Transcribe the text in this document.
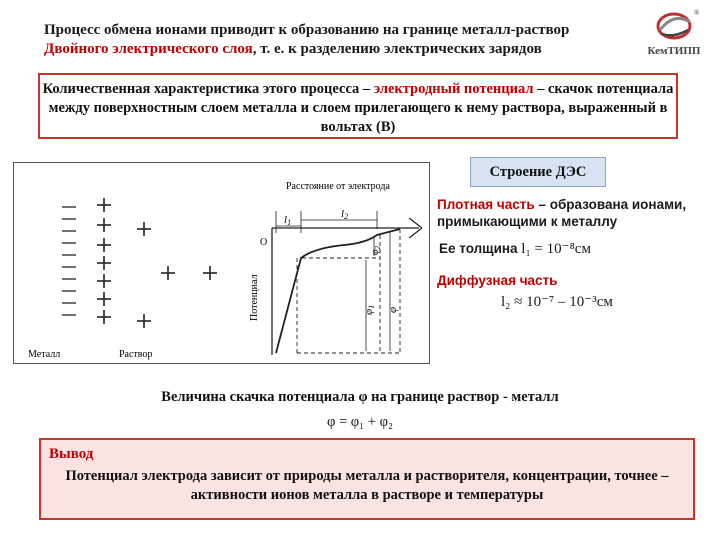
Процесс обмена ионами приводит к образованию на границе металл-раствор
Двойного электрического слоя, т. е. к разделению электрических зарядов
®
КемТИПП
Количественная характеристика этого процесса – электродный потенциал – скачок потенциала между поверхностным слоем металла и слоем прилегающего к нему раствора, выраженный в вольтах (В)
Металл	Раствор
Расстояние от электрода
O
Потенциал
l1
l2
φ1
$\varphi_2$
φ
Строение ДЭС
Плотная часть – образована ионами,
примыкающими к металлу
Ее толщина l₁ = 10⁻⁸см
Диффузная часть
l₂ ≈ 10⁻⁷ – 10⁻³см
Величина скачка потенциала φ на границе раствор - металл
φ = φ₁ + φ₂
Вывод
Потенциал электрода зависит от природы металла и растворителя, концентрации, точнее – активности ионов металла в растворе и температуры
